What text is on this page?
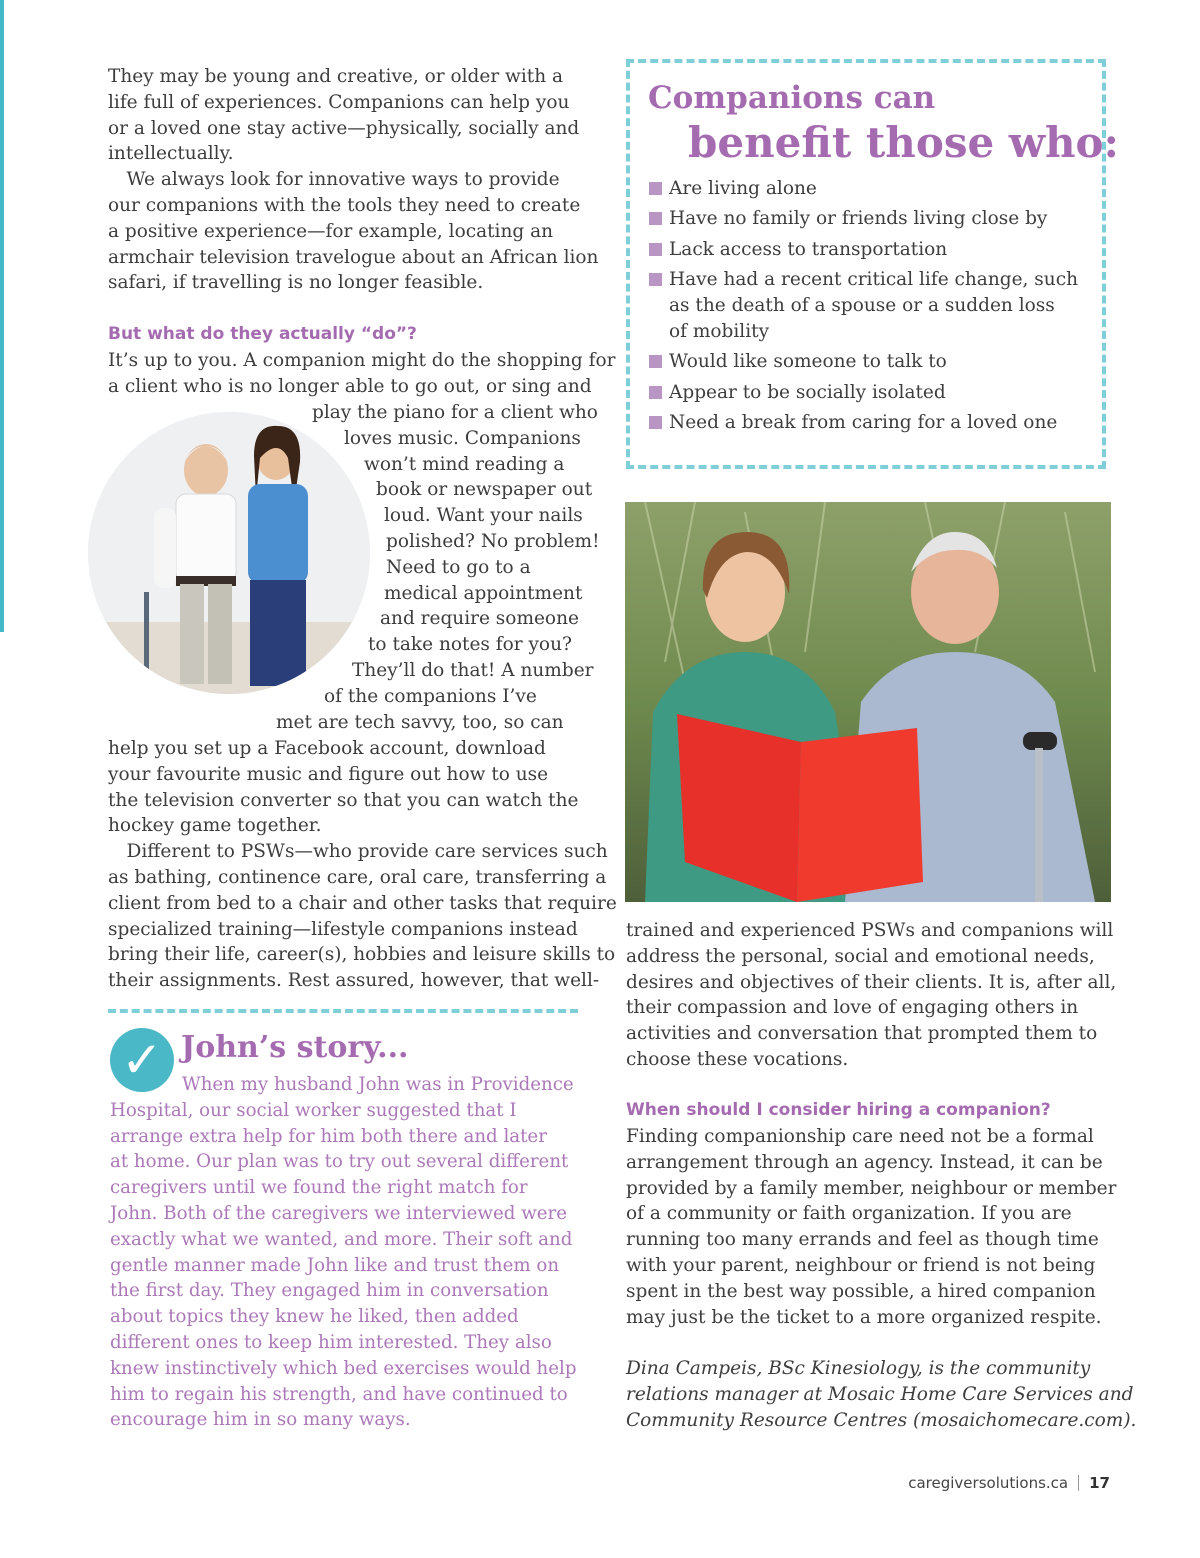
They may be young and creative, or older with a
life full of experiences. Companions can help you
or a loved one stay active—physically, socially and
intellectually.
 We always look for innovative ways to provide
our companions with the tools they need to create
a positive experience—for example, locating an
armchair television travelogue about an African lion
safari, if travelling is no longer feasible.

But what do they actually “do”?

It’s up to you. A companion might do the shopping for
a client who is no longer able to go out, or sing and

play the piano for a client who
loves music. Companions
won’t mind reading a
book or newspaper out
loud. Want your nails
polished? No problem!
Need to go to a
medical appointment
and require someone
to take notes for you?
They’ll do that! A number
of the companions I’ve
met are tech savvy, too, so can

help you set up a Facebook account, download
your favourite music and figure out how to use
the television converter so that you can watch the
hockey game together.
 Different to PSWs—who provide care services such
as bathing, continence care, oral care, transferring a
client from bed to a chair and other tasks that require
specialized training—lifestyle companions instead
bring their life, career(s), hobbies and leisure skills to
their assignments. Rest assured, however, that well-

✓ John’s story...

When my husband John was in Providence
Hospital, our social worker suggested that I
arrange extra help for him both there and later
at home. Our plan was to try out several different
caregivers until we found the right match for
John. Both of the caregivers we interviewed were
exactly what we wanted, and more. Their soft and
gentle manner made John like and trust them on
the first day. They engaged him in conversation
about topics they knew he liked, then added
different ones to keep him interested. They also
knew instinctively which bed exercises would help
him to regain his strength, and have continued to
encourage him in so many ways.

Companions can
benefit those who:
Are living alone
Have no family or friends living close by
Lack access to transportation
Have had a recent critical life change, such
as the death of a spouse or a sudden loss
of mobility
Would like someone to talk to
Appear to be socially isolated
Need a break from caring for a loved one

trained and experienced PSWs and companions will
address the personal, social and emotional needs,
desires and objectives of their clients. It is, after all,
their compassion and love of engaging others in
activities and conversation that prompted them to
choose these vocations.

When should I consider hiring a companion?

Finding companionship care need not be a formal
arrangement through an agency. Instead, it can be
provided by a family member, neighbour or member
of a community or faith organization. If you are
running too many errands and feel as though time
with your parent, neighbour or friend is not being
spent in the best way possible, a hired companion
may just be the ticket to a more organized respite.

Dina Campeis, BSc Kinesiology, is the community
relations manager at Mosaic Home Care Services and
Community Resource Centres (mosaichomecare.com).

caregiversolutions.ca 17
